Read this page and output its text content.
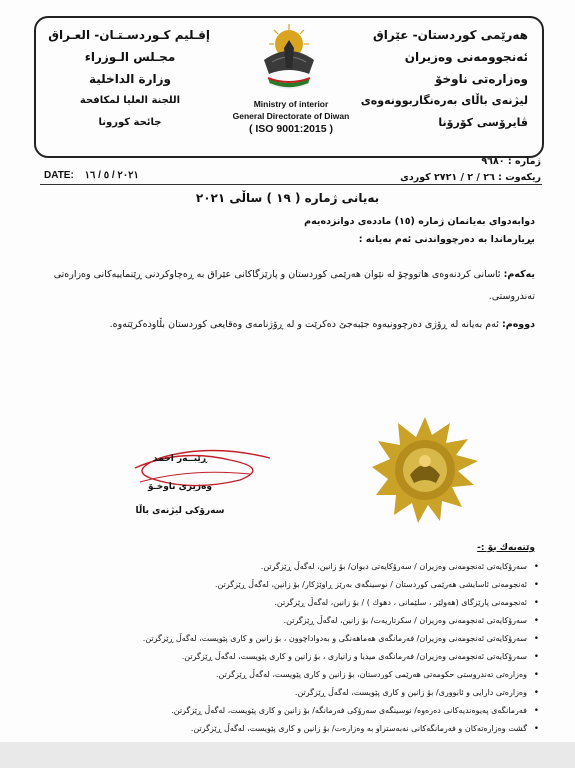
هەرێمی کوردستان- عێراق
ئەنجوومەنی وەزیران
وەزارەتی ناوخۆ
لیژنەی باڵای بەرەنگاربوونەوەی
ڤایرۆسی کۆرۆنا
إقـليم كـوردسـتـان- العـراق
مجـلس الـوزراء
وزارة الداخلية
اللجنة العليا لمكافحة
جائحة كورونا
Ministry of interior
General Directorate of Diwan
( ISO 9001:2015 )
ژمارە : ٩٦٨٠
ریکەوت : ٢٦ / ٢ / ٢٧٢١ کوردی
DATE: ٢٠٢١ / ٥ / ١٦
بەیانی ژمارە ( ١٩ ) ساڵی ٢٠٢١
دوابەدوای بەیانمان ژمارە (١٥) ماددەی دوانزدەیەم
بڕیارماندا بە دەرچوواندنی ئەم بەیانە :
یەکەم: ئاسانی کردنەوەی هاتووچۆ لە نێوان هەرێمی کوردستان و پارێزگاکانی عێراق بە ڕەچاوکردنی ڕێنماییەکانی وەزارەتی
تەندروستی.
دووەم: ئەم بەیانە لە ڕۆژی دەرچوونیەوە جێبەجێ دەکرێت و لە ڕۆژنامەی وەقایعی کوردستان بڵاودەکرێتەوە.
ڕێبــەر احمد
وەزیری ناوخـۆ
سەرۆکی لیژنەی باڵا
وێنەیەك بۆ :-
• سەرۆکایەتی ئەنجومەنی وەزیران / سەرۆکایەتی دیوان/ بۆ زانین، لەگەڵ ڕێزگرتن.
• ئەنجومەنی ئاسایشی هەرێمی کوردستان / نوسینگەی بەرێز ڕاوێژکار/ بۆ زانین، لەگەڵ ڕێزگرتن.
• ئەنجومەنی پارێزگای (هەولێر ، سلێمانی ، دهوك ) / بۆ زانین، لەگەڵ ڕێزگرتن.
• سەرۆکایەتی ئەنجومەنی وەزیران / سکرتاریەت/ بۆ زانین، لەگەڵ ڕێزگرتن.
• سەرۆکایەتی ئەنجومەنی وەزیران/ فەرمانگەی هەماهەنگی و بەدواداچوون ، بۆ زانین و کاری پێویست، لەگەڵ ڕێزگرتن.
• سەرۆکایەتی ئەنجومەنی وەزیران/ فەرمانگەی میدیا و زانیاری ، بۆ زانین و کاری پێویست، لەگەڵ ڕێزگرتن.
• وەزارەتی تەندروستی حکومەتی هەرێمی کوردستان، بۆ زانین و کاری پێویست، لەگەڵ ڕێزگرتن.
• وەزارەتی دارایی و ئابووری/ بۆ زانین و کاری پێویست، لەگەڵ ڕێزگرتن.
• فەرمانگەی پەیوەندیەکانی دەرەوە/ نوسینگەی سەرۆکی فەرمانگە/ بۆ زانین و کاری پێویست، لەگەڵ ڕێزگرتن.
• گشت وەزارەتەکان و فەرمانگەکانی نەبەستراو بە وەزارەت/ بۆ زانین و کاری پێویست، لەگەڵ ڕێزگرتن.
